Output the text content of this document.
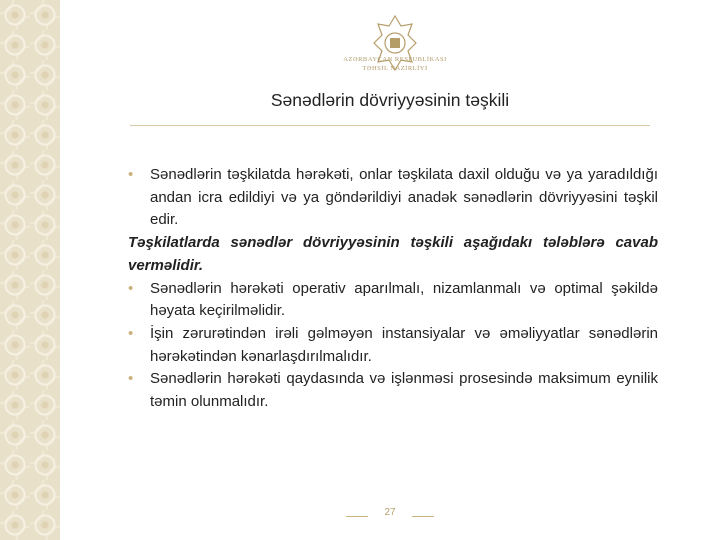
AZƏRBAYCAN RESPUBLİKASI
TƏHSİL NAZİRLİYİ
Sənədlərin dövriyyəsinin təşkili
• Sənədlərin təşkilatda hərəkəti, onlar təşkilata daxil olduğu və ya yaradıldığı andan icra edildiyi və ya göndərildiyi anadək sənədlərin dövriyyəsini təşkil edir.
Təşkilatlarda sənədlər dövriyyəsinin təşkili aşağıdakı tələblərə cavab verməlidir.
• Sənədlərin hərəkəti operativ aparılmalı, nizamlanmalı və optimal şəkildə həyata keçirilməlidir.
• İşin zərurətindən irəli gəlməyən instansiyalar və əməliyyatlar sənədlərin hərəkətindən kənarlaşdırılmalıdır.
• Sənədlərin hərəkəti qaydasında və işlənməsi prosesində maksimum eynilik təmin olunmalıdır.
27
